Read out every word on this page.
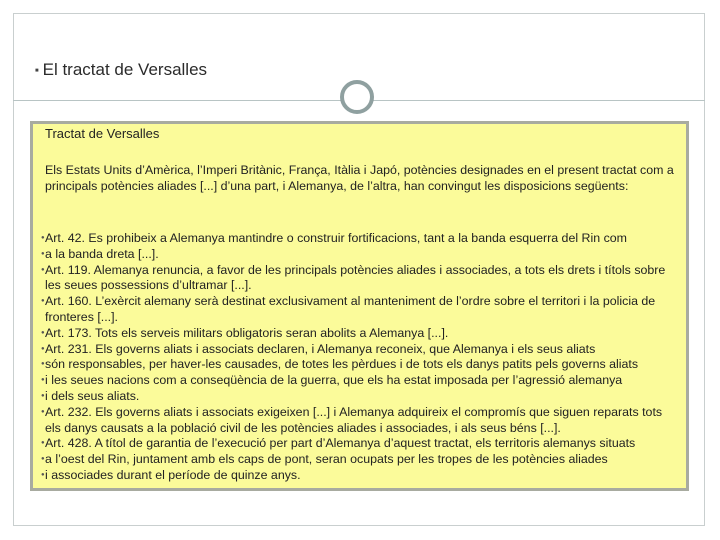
■ El tractat de Versalles
Tractat de Versalles
Els Estats Units d’Amèrica, l’Imperi Britànic, França, Itàlia i Japó, potències designades en el present tractat com a principals potències aliades [...] d’una part, i Alemanya, de l’altra, han convingut les disposicions següents:
● Art. 42. Es prohibeix a Alemanya mantindre o construir fortificacions, tant a la banda esquerra del Rin com
● a la banda dreta [...].
● Art. 119. Alemanya renuncia, a favor de les principals potències aliades i associades, a tots els drets i títols sobre les seues possessions d’ultramar [...].
● Art. 160. L’exèrcit alemany serà destinat exclusivament al manteniment de l’ordre sobre el territori i la policia de fronteres [...].
● Art. 173. Tots els serveis militars obligatoris seran abolits a Alemanya [...].
● Art. 231. Els governs aliats i associats declaren, i Alemanya reconeix, que Alemanya i els seus aliats
● són responsables, per haver-les causades, de totes les pèrdues i de tots els danys patits pels governs aliats
● i les seues nacions com a conseqüència de la guerra, que els ha estat imposada per l’agressió alemanya
● i dels seus aliats.
● Art. 232. Els governs aliats i associats exigeixen [...] i Alemanya adquireix el compromís que siguen reparats tots els danys causats a la població civil de les potències aliades i associades, i als seus béns [...].
● Art. 428. A títol de garantia de l’execució per part d’Alemanya d’aquest tractat, els territoris alemanys situats
● a l’oest del Rin, juntament amb els caps de pont, seran ocupats per les tropes de les potències aliades
● i associades durant el període de quinze anys.
